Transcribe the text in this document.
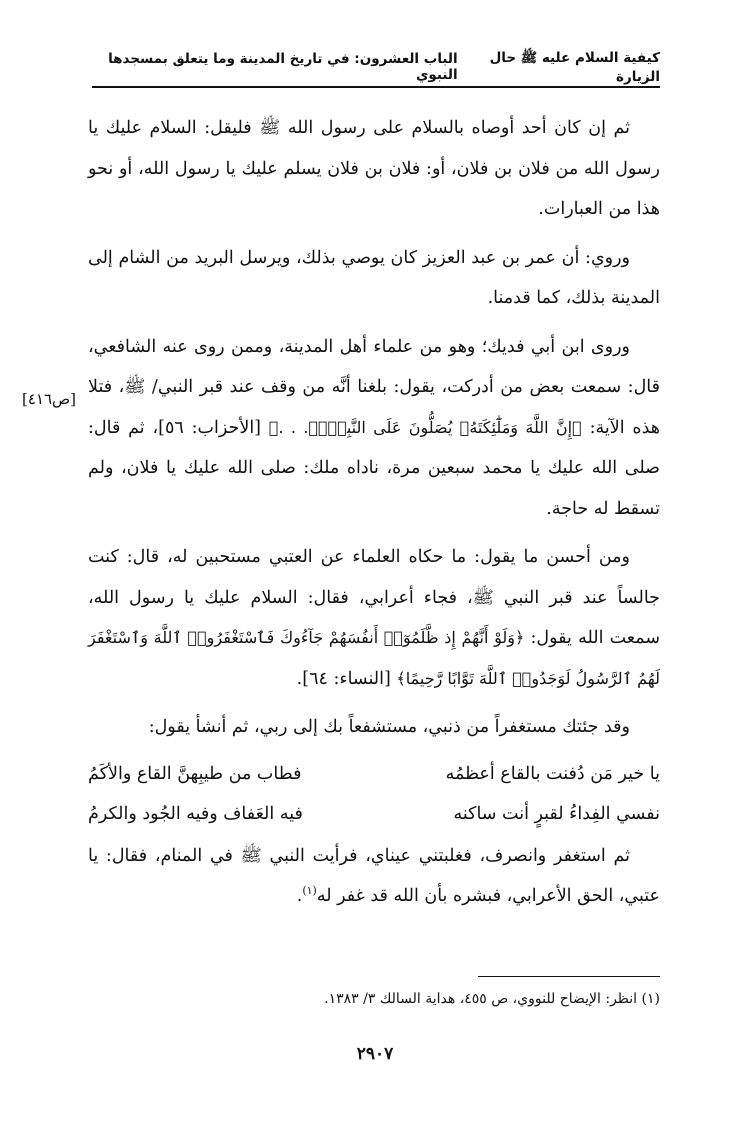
كيفية السلام عليه ﷺ حال الزيارة
الباب العشرون: في تاريخ المدينة وما يتعلق بمسجدها النبوي
[ص٤١٦]

ثم إن كان أحد أوصاه بالسلام على رسول الله ﷺ فليقل: السلام عليك يا رسول الله من فلان بن فلان، أو: فلان بن فلان يسلم عليك يا رسول الله، أو نحو هذا من العبارات.

وروي: أن عمر بن عبد العزيز كان يوصي بذلك، ويرسل البريد من الشام إلى المدينة بذلك، كما قدمنا.

وروى ابن أبي فديك؛ وهو من علماء أهل المدينة، وممن روى عنه الشافعي، قال: سمعت بعض من أدركت، يقول: بلغنا أنَّه من وقف عند قبر النبي/ ﷺ، فتلا هذه الآية: ﴿إِنَّ اللَّهَ وَمَلَٰٓئِكَتَهُۥ يُصَلُّونَ عَلَى النَّبِيِّۚ. . .﴾ [الأحزاب: ٥٦]، ثم قال: صلى الله عليك يا محمد سبعين مرة، ناداه ملك: صلى الله عليك يا فلان، ولم تسقط له حاجة.

ومن أحسن ما يقول: ما حكاه العلماء عن العتبي مستحبين له، قال: كنت جالساً عند قبر النبي ﷺ، فجاء أعرابي، فقال: السلام عليك يا رسول الله، سمعت الله يقول: ﴿وَلَوْ أَنَّهُمْ إِذ ظَّلَمُوٓا۟ أَنفُسَهُمْ جَآءُوكَ فَٱسْتَغْفَرُوا۟ ٱللَّهَ وَٱسْتَغْفَرَ لَهُمُ ٱلرَّسُولُ لَوَجَدُوا۟ ٱللَّهَ تَوَّابًا رَّحِيمًا﴾ [النساء: ٦٤].

وقد جئتك مستغفراً من ذنبي، مستشفعاً بك إلى ربي، ثم أنشأ يقول:

يا خير مَن دُفنت بالقاع أعظمُه
فطاب من طيبِهنَّ القاع والأكَمُ
نفسي الفِداءُ لقبرٍ أنت ساكنه
فيه العَفاف وفيه الجُود والكرمُ

ثم استغفر وانصرف، فغلبتني عيناي، فرأيت النبي ﷺ في المنام، فقال: يا عتبي، الحق الأعرابي، فبشره بأن الله قد غفر له$^{(١)}$.

(١) انظر: الإيضاح للنووي، ص ٤٥٥، هداية السالك ٣/ ١٣٨٣.
٢٩٠٧
